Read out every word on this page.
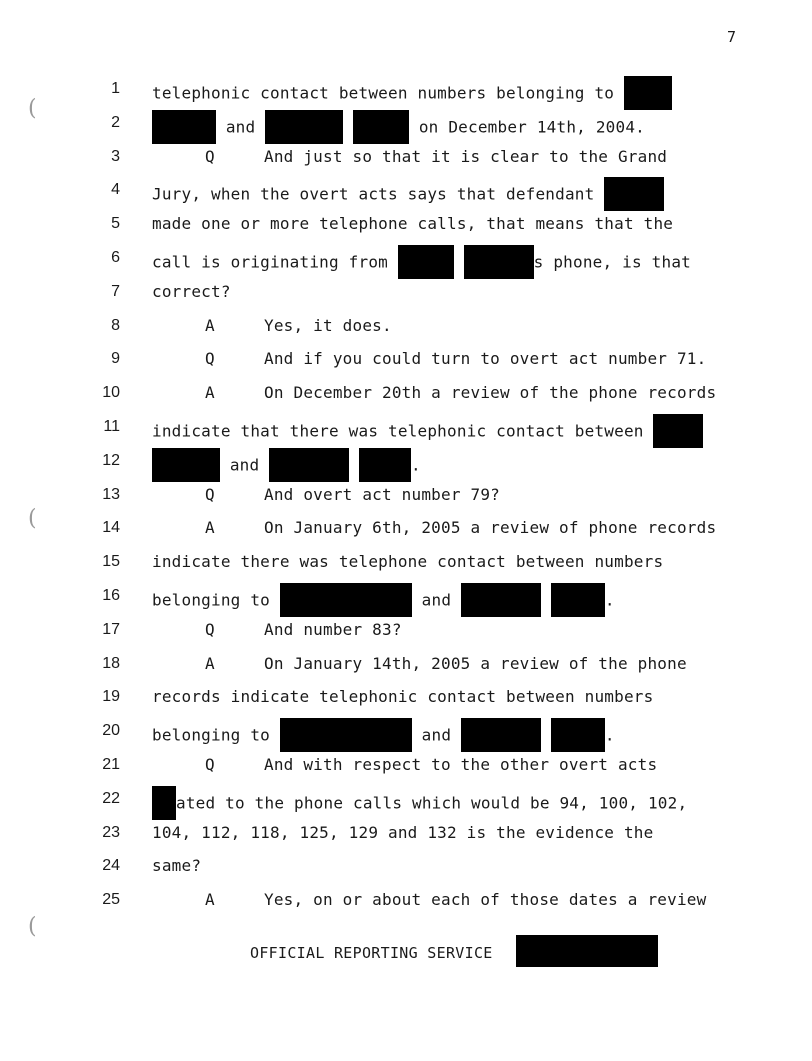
7
1 telephonic contact between numbers belonging to
2	and	on December 14th, 2004.
3	Q     And just so that it is clear to the Grand
4 Jury, when the overt acts says that defendant
5 made one or more telephone calls, that means that the
6 call is originating from	s phone, is that
7 correct?
8	A     Yes, it does.
9	Q     And if you could turn to overt act number 71.
10	A     On December 20th a review of the phone records
11 indicate that there was telephonic contact between
12	and	.
13	Q     And overt act number 79?
14	A     On January 6th, 2005 a review of phone records
15 indicate there was telephone contact between numbers
16 belonging to	and	.
17	Q     And number 83?
18	A     On January 14th, 2005 a review of the phone
19 records indicate telephonic contact between numbers
20 belonging to	and	.
21	Q     And with respect to the other overt acts
22	ated to the phone calls which would be 94, 100, 102,
23 104, 112, 118, 125, 129 and 132 is the evidence the
24 same?
25	A     Yes, on or about each of those dates a review
OFFICIAL REPORTING SERVICE
(
(
(
